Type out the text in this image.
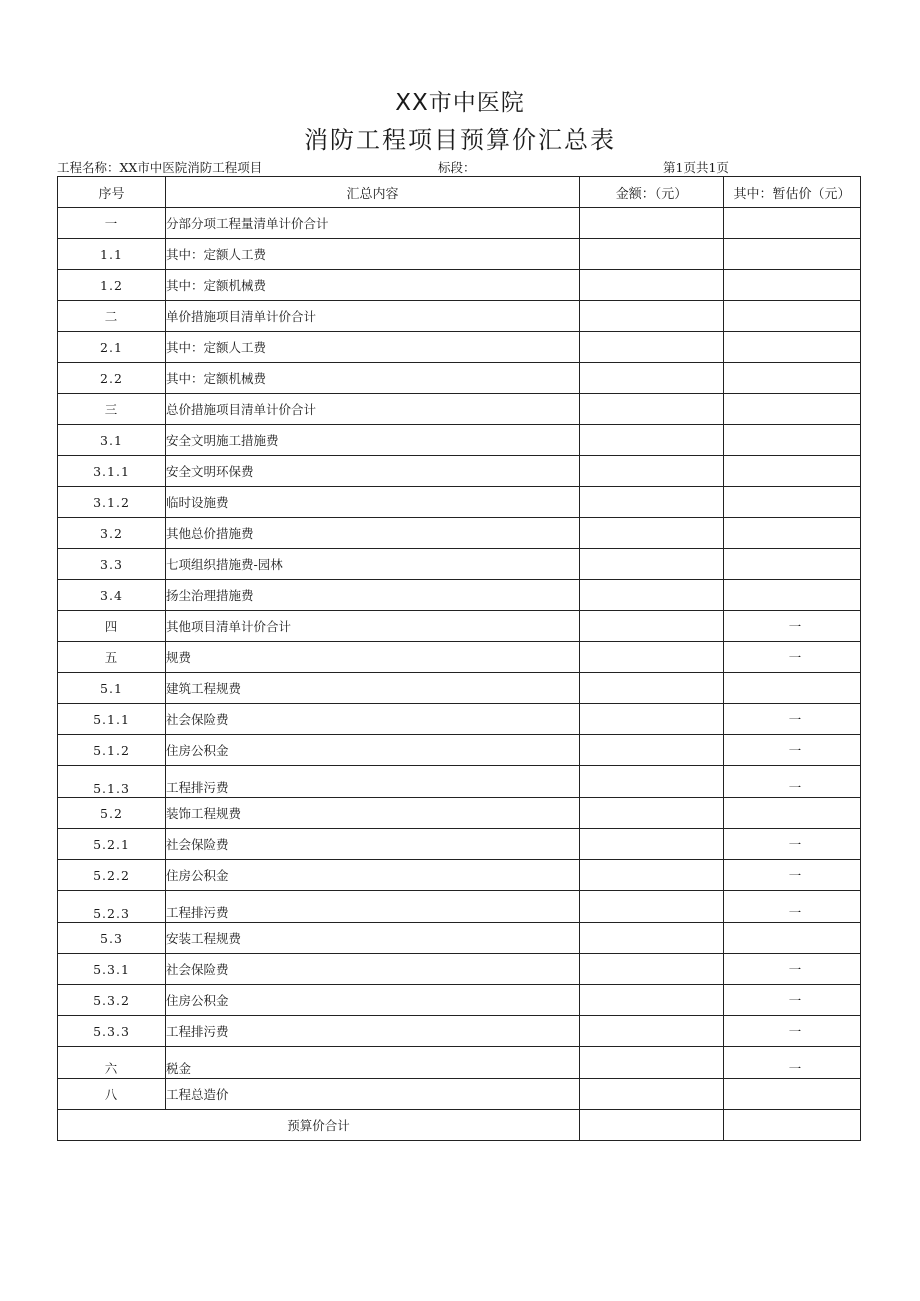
XX市中医院
消防工程项目预算价汇总表
工程名称：XX市中医院消防工程项目	标段：	第1页共1页
序号	汇总内容	金额：（元）	其中：暂估价（元）
一	分部分项工程量清单计价合计		
1.1	其中：定额人工费		
1.2	其中：定额机械费		
二	单价措施项目清单计价合计		
2.1	其中：定额人工费		
2.2	其中：定额机械费		
三	总价措施项目清单计价合计		
3.1	安全文明施工措施费		
3.1.1	安全文明环保费		
3.1.2	临时设施费		
3.2	其他总价措施费		
3.3	七项组织措施费-园林		
3.4	扬尘治理措施费		
四	其他项目清单计价合计		一
五	规费		一
5.1	建筑工程规费		
5.1.1	社会保险费		一
5.1.2	住房公积金		一
5.1.3	工程排污费		一
5.2	装饰工程规费		
5.2.1	社会保险费		一
5.2.2	住房公积金		一
5.2.3	工程排污费		一
5.3	安装工程规费		
5.3.1	社会保险费		一
5.3.2	住房公积金		一
5.3.3	工程排污费		一
六	税金		一
八	工程总造价		
预算价合计			
